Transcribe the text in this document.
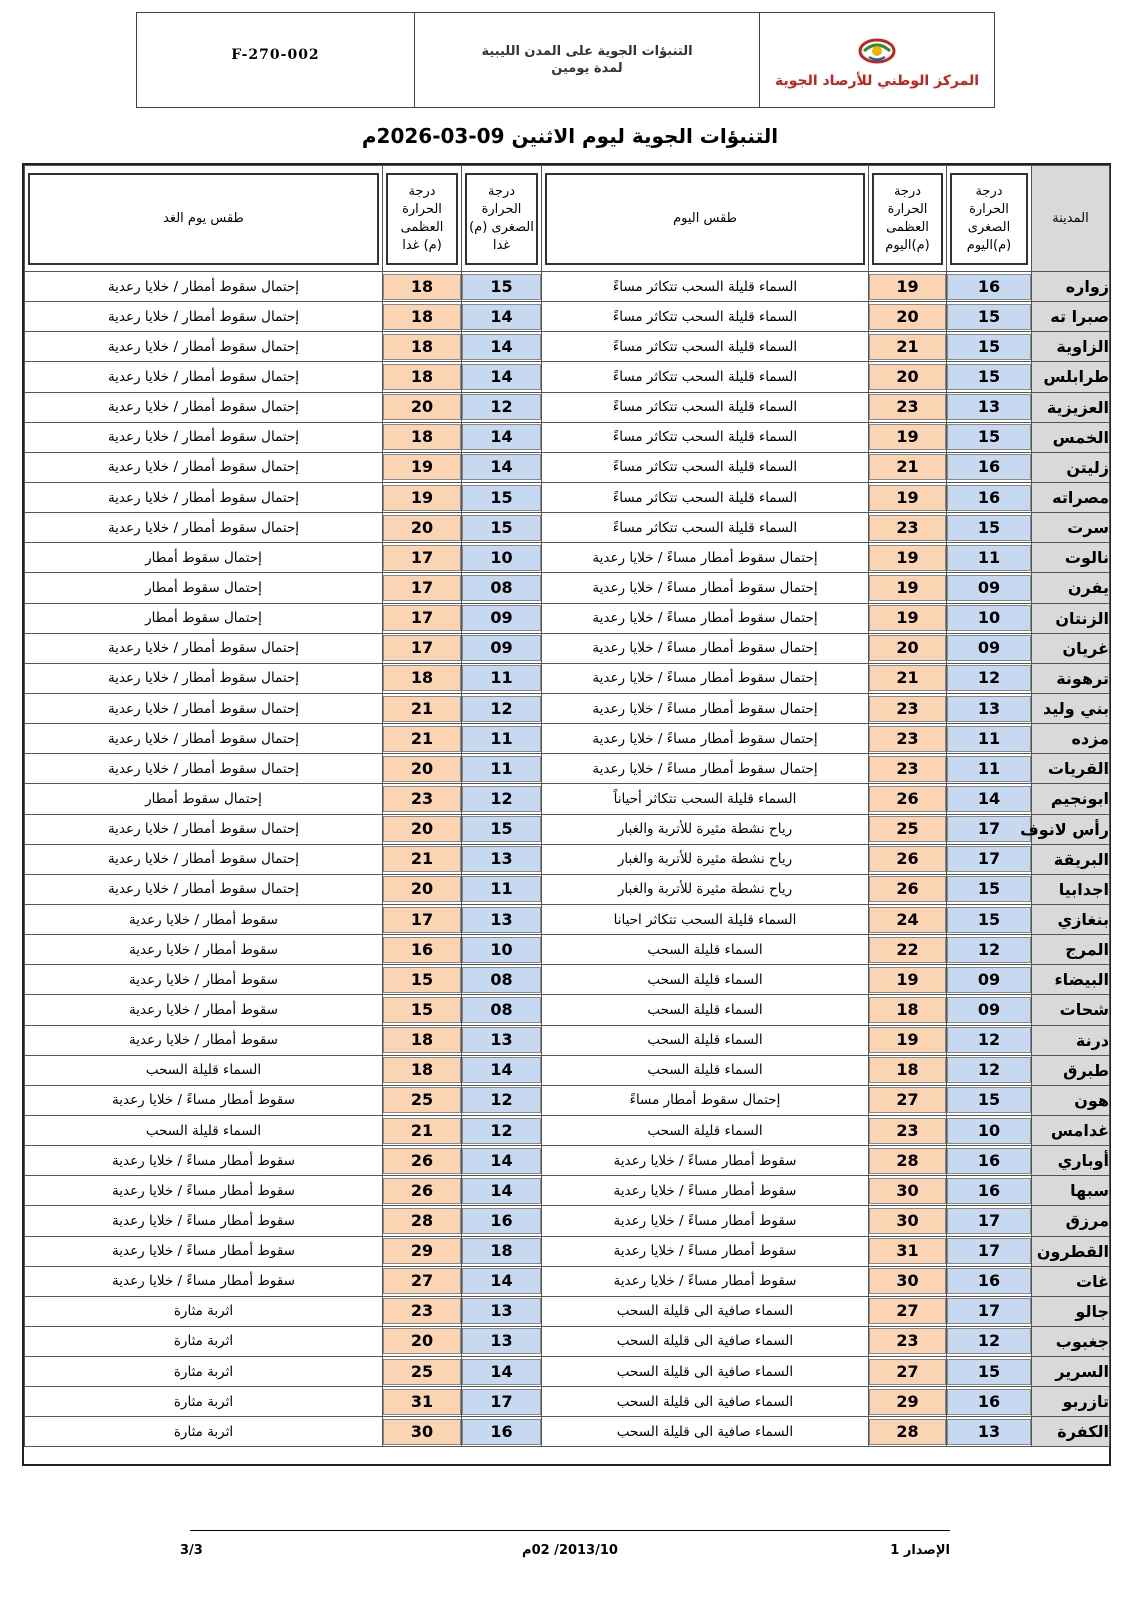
F-270-002	التنبؤات الجوية على المدن الليبية
لمدة يومين
المركز الوطني للأرصاد الجوية
التنبؤات الجوية ليوم الاثنين 09-03-2026م
المدينة	درجة الحرارة الصغرى (م)اليوم	درجة الحرارة العظمى (م)اليوم	طقس اليوم	درجة الحرارة الصغرى (م) غدا	درجة الحرارة العظمى (م) غدا	طقس يوم الغد

زواره	16	19	السماء قليلة السحب تتكاثر مساءً	15	18	إحتمال سقوط أمطار / خلايا رعدية
صبرا ته	15	20	السماء قليلة السحب تتكاثر مساءً	14	18	إحتمال سقوط أمطار / خلايا رعدية
الزاوية	15	21	السماء قليلة السحب تتكاثر مساءً	14	18	إحتمال سقوط أمطار / خلايا رعدية
طرابلس	15	20	السماء قليلة السحب تتكاثر مساءً	14	18	إحتمال سقوط أمطار / خلايا رعدية
العزيزية	13	23	السماء قليلة السحب تتكاثر مساءً	12	20	إحتمال سقوط أمطار / خلايا رعدية
الخمس	15	19	السماء قليلة السحب تتكاثر مساءً	14	18	إحتمال سقوط أمطار / خلايا رعدية
زليتن	16	21	السماء قليلة السحب تتكاثر مساءً	14	19	إحتمال سقوط أمطار / خلايا رعدية
مصراته	16	19	السماء قليلة السحب تتكاثر مساءً	15	19	إحتمال سقوط أمطار / خلايا رعدية
سرت	15	23	السماء قليلة السحب تتكاثر مساءً	15	20	إحتمال سقوط أمطار / خلايا رعدية
نالوت	11	19	إحتمال سقوط أمطار مساءً / خلايا رعدية	10	17	إحتمال سقوط أمطار
يفرن	09	19	إحتمال سقوط أمطار مساءً / خلايا رعدية	08	17	إحتمال سقوط أمطار
الزنتان	10	19	إحتمال سقوط أمطار مساءً / خلايا رعدية	09	17	إحتمال سقوط أمطار
غريان	09	20	إحتمال سقوط أمطار مساءً / خلايا رعدية	09	17	إحتمال سقوط أمطار / خلايا رعدية
ترهونة	12	21	إحتمال سقوط أمطار مساءً / خلايا رعدية	11	18	إحتمال سقوط أمطار / خلايا رعدية
بني وليد	13	23	إحتمال سقوط أمطار مساءً / خلايا رعدية	12	21	إحتمال سقوط أمطار / خلايا رعدية
مزده	11	23	إحتمال سقوط أمطار مساءً / خلايا رعدية	11	21	إحتمال سقوط أمطار / خلايا رعدية
القريات	11	23	إحتمال سقوط أمطار مساءً / خلايا رعدية	11	20	إحتمال سقوط أمطار / خلايا رعدية
ابونجيم	14	26	السماء قليلة السحب تتكاثر أحياناً	12	23	إحتمال سقوط أمطار
رأس لانوف	17	25	رياح نشطة مثيرة للأتربة والغبار	15	20	إحتمال سقوط أمطار / خلايا رعدية
البريقة	17	26	رياح نشطة مثيرة للأتربة والغبار	13	21	إحتمال سقوط أمطار / خلايا رعدية
اجدابيا	15	26	رياح نشطة مثيرة للأتربة والغبار	11	20	إحتمال سقوط أمطار / خلايا رعدية
بنغازي	15	24	السماء قليلة السحب تتكاثر احيانا	13	17	سقوط أمطار / خلايا رعدية
المرج	12	22	السماء قليلة السحب	10	16	سقوط أمطار / خلايا رعدية
البيضاء	09	19	السماء قليلة السحب	08	15	سقوط أمطار / خلايا رعدية
شحات	09	18	السماء قليلة السحب	08	15	سقوط أمطار / خلايا رعدية
درنة	12	19	السماء قليلة السحب	13	18	سقوط أمطار / خلايا رعدية
طبرق	12	18	السماء قليلة السحب	14	18	السماء قليلة السحب
هون	15	27	إحتمال سقوط أمطار مساءً	12	25	سقوط أمطار مساءً / خلايا رعدية
غدامس	10	23	السماء قليلة السحب	12	21	السماء قليلة السحب
أوباري	16	28	سقوط أمطار مساءً / خلايا رعدية	14	26	سقوط أمطار مساءً / خلايا رعدية
سبها	16	30	سقوط أمطار مساءً / خلايا رعدية	14	26	سقوط أمطار مساءً / خلايا رعدية
مرزق	17	30	سقوط أمطار مساءً / خلايا رعدية	16	28	سقوط أمطار مساءً / خلايا رعدية
القطرون	17	31	سقوط أمطار مساءً / خلايا رعدية	18	29	سقوط أمطار مساءً / خلايا رعدية
غات	16	30	سقوط أمطار مساءً / خلايا رعدية	14	27	سقوط أمطار مساءً / خلايا رعدية
جالو	17	27	السماء صافية الى قليلة السحب	13	23	اثربة مثارة
جغبوب	12	23	السماء صافية الى قليلة السحب	13	20	اثربة مثارة
السرير	15	27	السماء صافية الى قليلة السحب	14	25	اثربة مثارة
تازربو	16	29	السماء صافية الى قليلة السحب	17	31	اثربة مثارة
الكفرة	13	28	السماء صافية الى قليلة السحب	16	30	اثربة مثارة
الإصدار 1
2013/10/ 02م
3/3
